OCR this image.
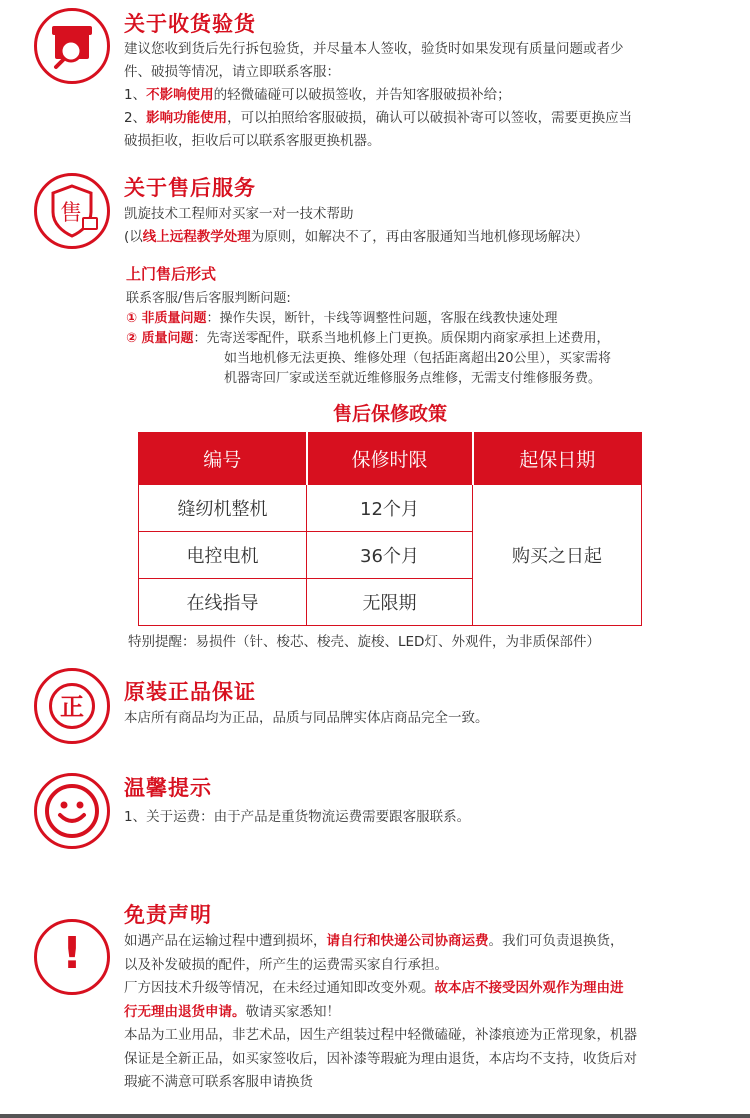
关于收货验货
建议您收到货后先行拆包验货，并尽量本人签收，验货时如果发现有质量问题或者少
件、破损等情况，请立即联系客服：
1、不影响使用的轻微磕碰可以破损签收，并告知客服破损补给；
2、影响功能使用，可以拍照给客服破损，确认可以破损补寄可以签收，需要更换应当
破损拒收，拒收后可以联系客服更换机器。
售
关于售后服务
凯旋技术工程师对买家一对一技术帮助
(以线上远程教学处理为原则，如解决不了，再由客服通知当地机修现场解决）
上门售后形式
联系客服/售后客服判断问题:
① 非质量问题：操作失误，断针，卡线等调整性问题，客服在线教快速处理
② 质量问题：先寄送零配件，联系当地机修上门更换。质保期内商家承担上述费用，
如当地机修无法更换、维修处理（包括距离超出20公里），买家需将
机器寄回厂家或送至就近维修服务点维修，无需支付维修服务费。
售后保修政策
编号	保修时限	起保日期
缝纫机整机	12个月	购买之日起
电控电机	36个月	
在线指导	无限期	
特别提醒：易损件（针、梭芯、梭壳、旋梭、LED灯、外观件，为非质保部件）
正
原装正品保证
本店所有商品均为正品，品质与同品牌实体店商品完全一致。
温馨提示
1、关于运费：由于产品是重货物流运费需要跟客服联系。
!
免责声明
如遇产品在运输过程中遭到损坏，请自行和快递公司协商运费。我们可负责退换货，
以及补发破损的配件，所产生的运费需买家自行承担。
厂方因技术升级等情况，在未经过通知即改变外观。故本店不接受因外观作为理由进
行无理由退货申请。敬请买家悉知！
本品为工业用品，非艺术品，因生产组装过程中轻微磕碰，补漆痕迹为正常现象，机器
保证是全新正品，如买家签收后，因补漆等瑕疵为理由退货，本店均不支持，收货后对
瑕疵不满意可联系客服申请换货
